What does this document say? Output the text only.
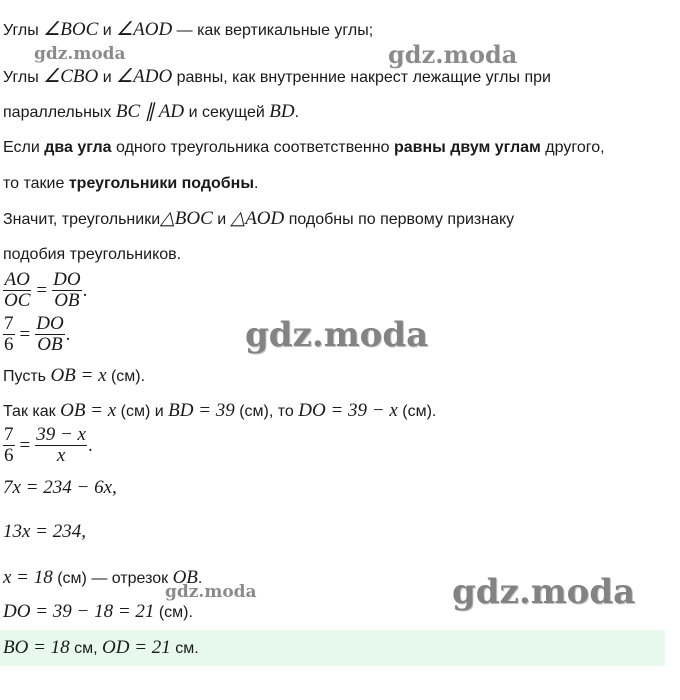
Углы ∠BOC и ∠AOD — как вертикальные углы;
Углы ∠CBO и ∠ADO равны, как внутренние накрест лежащие углы при
параллельных BC ∥ AD и секущей BD.
Если два угла одного треугольника соответственно равны двум углам другого,
то такие треугольники подобны.
Значит, треугольники△BOC и △AOD подобны по первому признаку
подобия треугольников.
$\frac{AO}{OC} = \frac{DO}{OB}$ .
$\frac{7}{6} = \frac{DO}{OB}$ .
Пусть OB = x (см).
Так как OB = x (см) и BD = 39 (см), то DO = 39 − x (см).
$\frac{7}{6} = \frac{39 - x}{x}$ .
7x = 234 − 6x,
13x = 234,
x = 18 (см) — отрезок OB.
DO = 39 − 18 = 21 (см).
BO = 18 см, OD = 21 см.
gdz.moda	gdz.moda
gdz.moda
gdz.moda
gdz.moda
